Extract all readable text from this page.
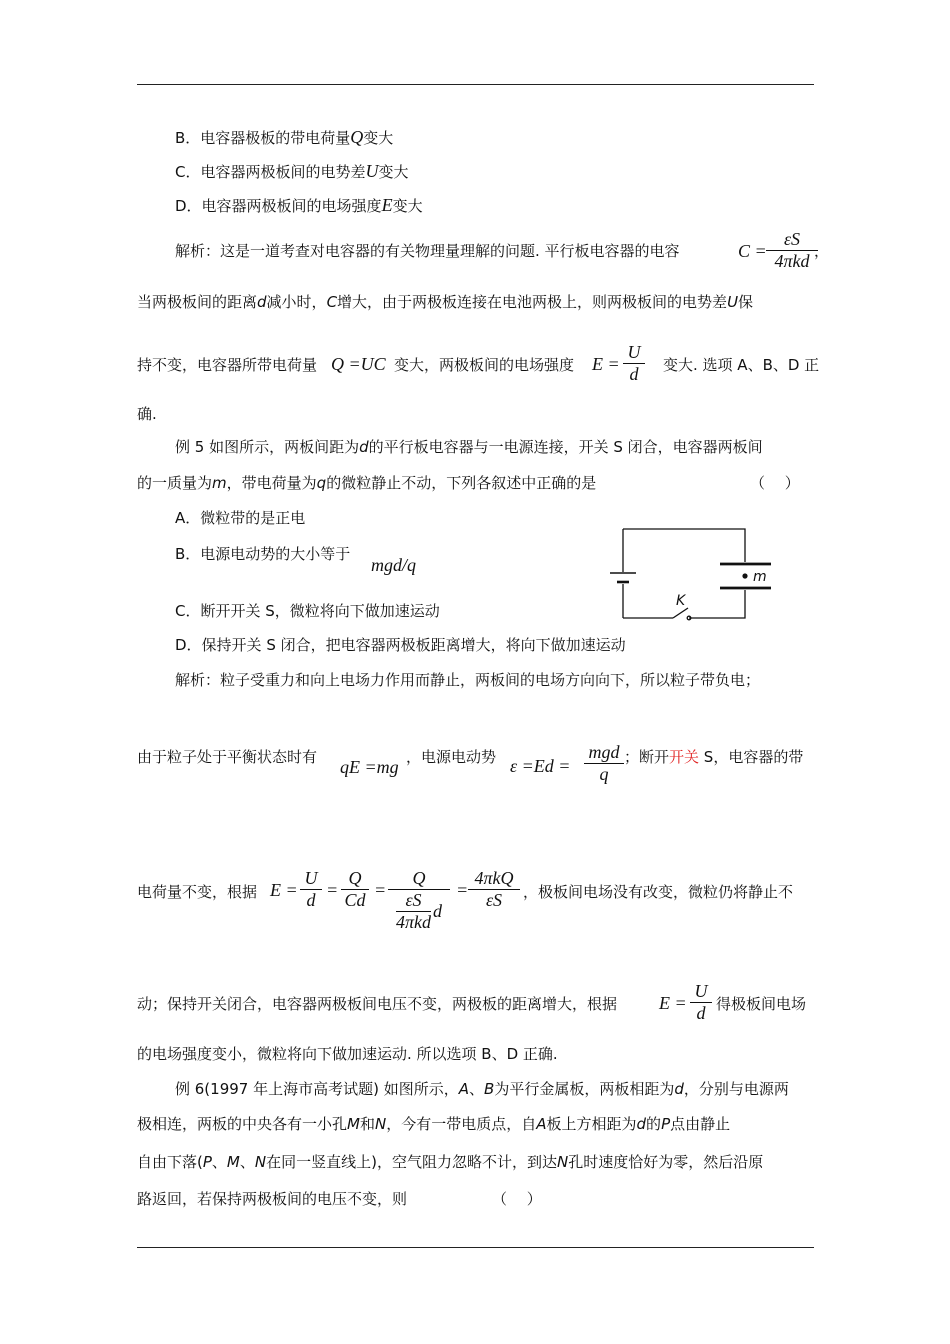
B．电容器极板的带电荷量Q变大
C．电容器两极板间的电势差U变大
D．电容器两极板间的电场强度E变大
解析：这是一道考查对电容器的有关物理量理解的问题. 平行板电容器的电容	C =
εS
4πkd ，
当两极板间的距离d减小时，C增大，由于两极板连接在电池两极上，则两极板间的电势差U保
持不变，电容器所带电荷量 Q =UC 变大，两极板间的电场强度 E =
U
d	变大. 选项 A、B、D 正
确.
例 5 如图所示，两板间距为d的平行板电容器与一电源连接，开关 S 闭合，电容器两板间
的一质量为m，带电荷量为q的微粒静止不动，下列各叙述中正确的是	（　 ）
A．微粒带的是正电
B．电源电动势的大小等于
mgd/q
C．断开开关 S，微粒将向下做加速运动
D．保持开关 S 闭合，把电容器两极板距离增大，将向下做加速运动
m
K
解析：粒子受重力和向上电场力作用而静止，两板间的电场方向向下，所以粒子带负电；
由于粒子处于平衡状态时有 qE =mg ，电源电动势 ε =Ed =
mgd
q
；断开开关 S，电容器的带
电荷量不变，根据 E =
U
d =
Q
Cd =
Q
$\frac{\varepsilon S}{\text{4πkd}}$ d
=
4πkQ
εS	，极板间电场没有改变，微粒仍将静止不
动；保持开关闭合，电容器两极板间电压不变，两极板的距离增大，根据 E =
U
d 得极板间电场
的电场强度变小，微粒将向下做加速运动. 所以选项 B、D 正确.
例 6(1997 年上海市高考试题) 如图所示，A、B为平行金属板，两板相距为d，分别与电源两
极相连，两板的中央各有一小孔M和N，今有一带电质点，自A板上方相距为d的P点由静止
自由下落(P、M、N在同一竖直线上)，空气阻力忽略不计，到达N孔时速度恰好为零，然后沿原
路返回，若保持两极板间的电压不变，则	（　 ）
